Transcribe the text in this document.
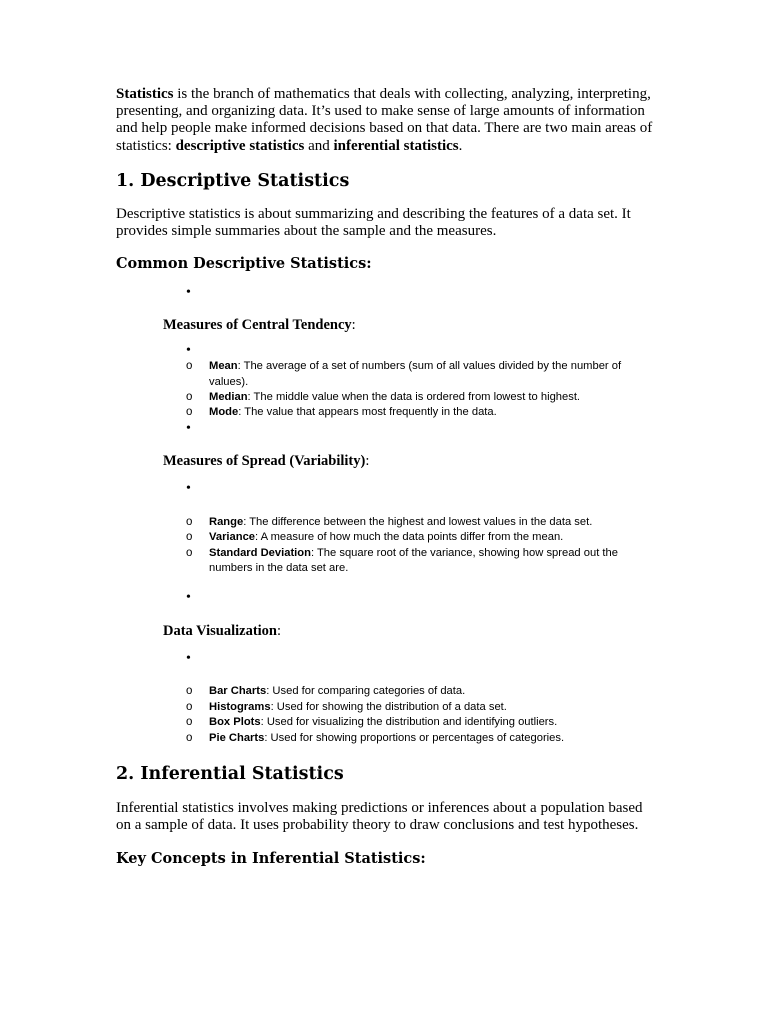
Statistics is the branch of mathematics that deals with collecting, analyzing, interpreting, presenting, and organizing data. It’s used to make sense of large amounts of information and help people make informed decisions based on that data. There are two main areas of statistics: descriptive statistics and inferential statistics.

1. Descriptive Statistics

Descriptive statistics is about summarizing and describing the features of a data set. It provides simple summaries about the sample and the measures.

Common Descriptive Statistics:
•

Measures of Central Tendency:

•
o Mean: The average of a set of numbers (sum of all values divided by the number of values).
o Median: The middle value when the data is ordered from lowest to highest.
o Mode: The value that appears most frequently in the data.
•

Measures of Spread (Variability):

•
o Range: The difference between the highest and lowest values in the data set.
o Variance: A measure of how much the data points differ from the mean.
o Standard Deviation: The square root of the variance, showing how spread out the numbers in the data set are.
•

Data Visualization:

•
o Bar Charts: Used for comparing categories of data.
o Histograms: Used for showing the distribution of a data set.
o Box Plots: Used for visualizing the distribution and identifying outliers.
o Pie Charts: Used for showing proportions or percentages of categories.
2. Inferential Statistics

Inferential statistics involves making predictions or inferences about a population based on a sample of data. It uses probability theory to draw conclusions and test hypotheses.

Key Concepts in Inferential Statistics:
